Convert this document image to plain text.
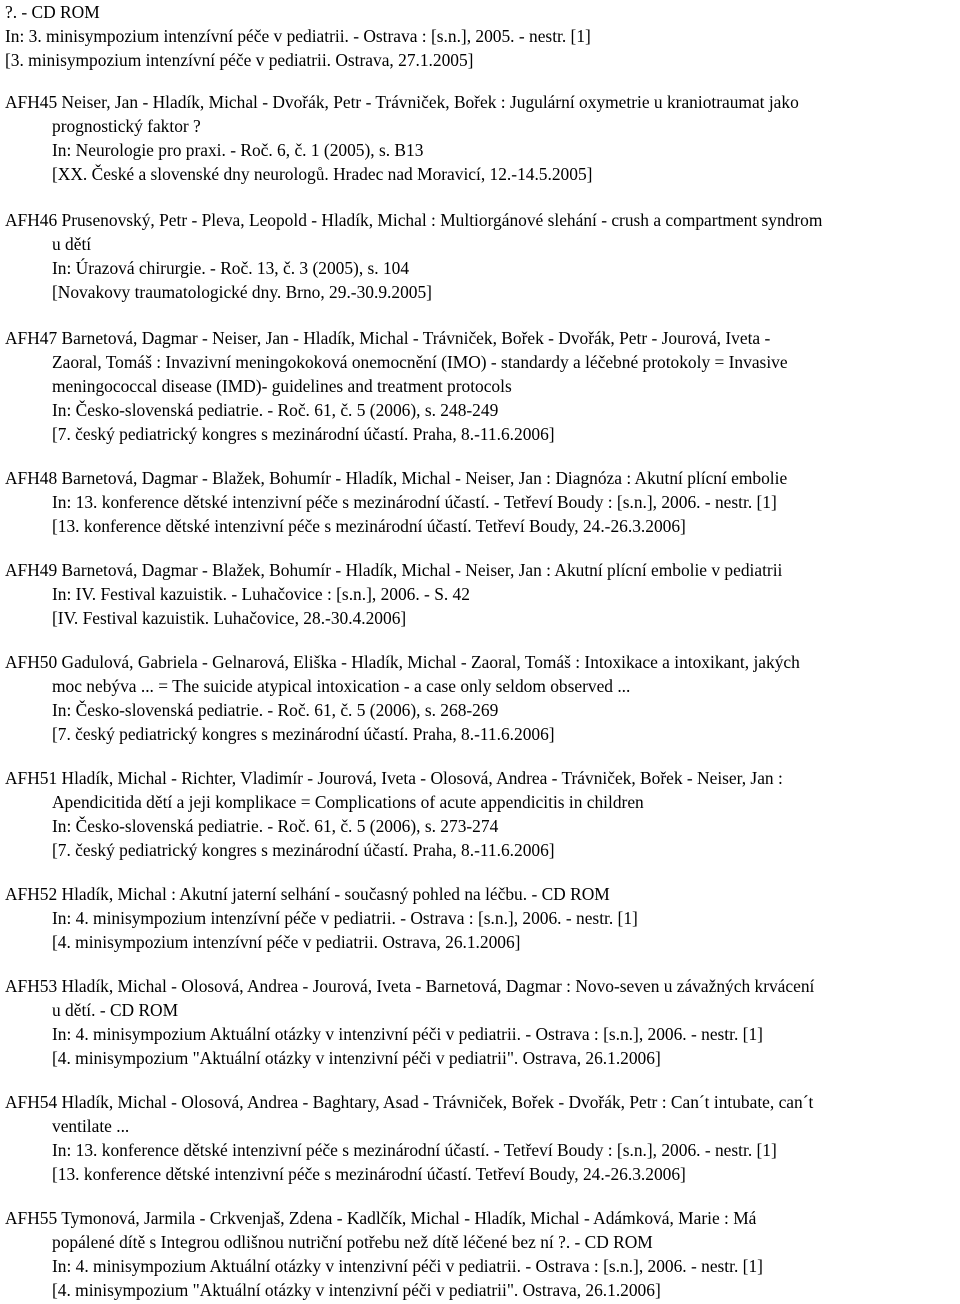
?. - CD ROM
In: 3. minisympozium intenzívní péče v pediatrii. - Ostrava : [s.n.], 2005. - nestr. [1]
[3. minisympozium intenzívní péče v pediatrii. Ostrava, 27.1.2005]
AFH45 Neiser, Jan - Hladík, Michal - Dvořák, Petr - Trávniček, Bořek : Jugulární oxymetrie u kraniotraumat jako
prognostický faktor ?
In: Neurologie pro praxi. - Roč. 6, č. 1 (2005), s. B13
[XX. České a slovenské dny neurologů. Hradec nad Moravicí, 12.-14.5.2005]
AFH46 Prusenovský, Petr - Pleva, Leopold - Hladík, Michal : Multiorgánové slehání - crush a compartment syndrom
u dětí
In: Úrazová chirurgie. - Roč. 13, č. 3 (2005), s. 104
[Novakovy traumatologické dny. Brno, 29.-30.9.2005]
AFH47 Barnetová, Dagmar - Neiser, Jan - Hladík, Michal - Trávniček, Bořek - Dvořák, Petr - Jourová, Iveta -
Zaoral, Tomáš : Invazivní meningokoková onemocnění (IMO) - standardy a léčebné protokoly = Invasive
meningococcal disease (IMD)- guidelines and treatment protocols
In: Česko-slovenská pediatrie. - Roč. 61, č. 5 (2006), s. 248-249
[7. český pediatrický kongres s mezinárodní účastí. Praha, 8.-11.6.2006]
AFH48 Barnetová, Dagmar - Blažek, Bohumír - Hladík, Michal - Neiser, Jan : Diagnóza : Akutní plícní embolie
In: 13. konference dětské intenzivní péče s mezinárodní účastí. - Tetřeví Boudy : [s.n.], 2006. - nestr. [1]
[13. konference dětské intenzivní péče s mezinárodní účastí. Tetřeví Boudy, 24.-26.3.2006]
AFH49 Barnetová, Dagmar - Blažek, Bohumír - Hladík, Michal - Neiser, Jan : Akutní plícní embolie v pediatrii
In: IV. Festival kazuistik. - Luhačovice : [s.n.], 2006. - S. 42
[IV. Festival kazuistik. Luhačovice, 28.-30.4.2006]
AFH50 Gadulová, Gabriela - Gelnarová, Eliška - Hladík, Michal - Zaoral, Tomáš : Intoxikace a intoxikant, jakých
moc nebýva ... = The suicide atypical intoxication - a case only seldom observed ...
In: Česko-slovenská pediatrie. - Roč. 61, č. 5 (2006), s. 268-269
[7. český pediatrický kongres s mezinárodní účastí. Praha, 8.-11.6.2006]
AFH51 Hladík, Michal - Richter, Vladimír - Jourová, Iveta - Olosová, Andrea - Trávniček, Bořek - Neiser, Jan :
Apendicitida dětí a jeji komplikace = Complications of acute appendicitis in children
In: Česko-slovenská pediatrie. - Roč. 61, č. 5 (2006), s. 273-274
[7. český pediatrický kongres s mezinárodní účastí. Praha, 8.-11.6.2006]
AFH52 Hladík, Michal : Akutní jaterní selhání - současný pohled na léčbu. - CD ROM
In: 4. minisympozium intenzívní péče v pediatrii. - Ostrava : [s.n.], 2006. - nestr. [1]
[4. minisympozium intenzívní péče v pediatrii. Ostrava, 26.1.2006]
AFH53 Hladík, Michal - Olosová, Andrea - Jourová, Iveta - Barnetová, Dagmar : Novo-seven u závažných krvácení
u dětí. - CD ROM
In: 4. minisympozium Aktuální otázky v intenzivní péči v pediatrii. - Ostrava : [s.n.], 2006. - nestr. [1]
[4. minisympozium "Aktuální otázky v intenzivní péči v pediatrii". Ostrava, 26.1.2006]
AFH54 Hladík, Michal - Olosová, Andrea - Baghtary, Asad - Trávniček, Bořek - Dvořák, Petr : Can´t intubate, can´t
ventilate ...
In: 13. konference dětské intenzivní péče s mezinárodní účastí. - Tetřeví Boudy : [s.n.], 2006. - nestr. [1]
[13. konference dětské intenzivní péče s mezinárodní účastí. Tetřeví Boudy, 24.-26.3.2006]
AFH55 Tymonová, Jarmila - Crkvenjaš, Zdena - Kadlčík, Michal - Hladík, Michal - Adámková, Marie : Má
popálené dítě s Integrou odlišnou nutriční potřebu než dítě léčené bez ní ?. - CD ROM
In: 4. minisympozium Aktuální otázky v intenzivní péči v pediatrii. - Ostrava : [s.n.], 2006. - nestr. [1]
[4. minisympozium "Aktuální otázky v intenzivní péči v pediatrii". Ostrava, 26.1.2006]
